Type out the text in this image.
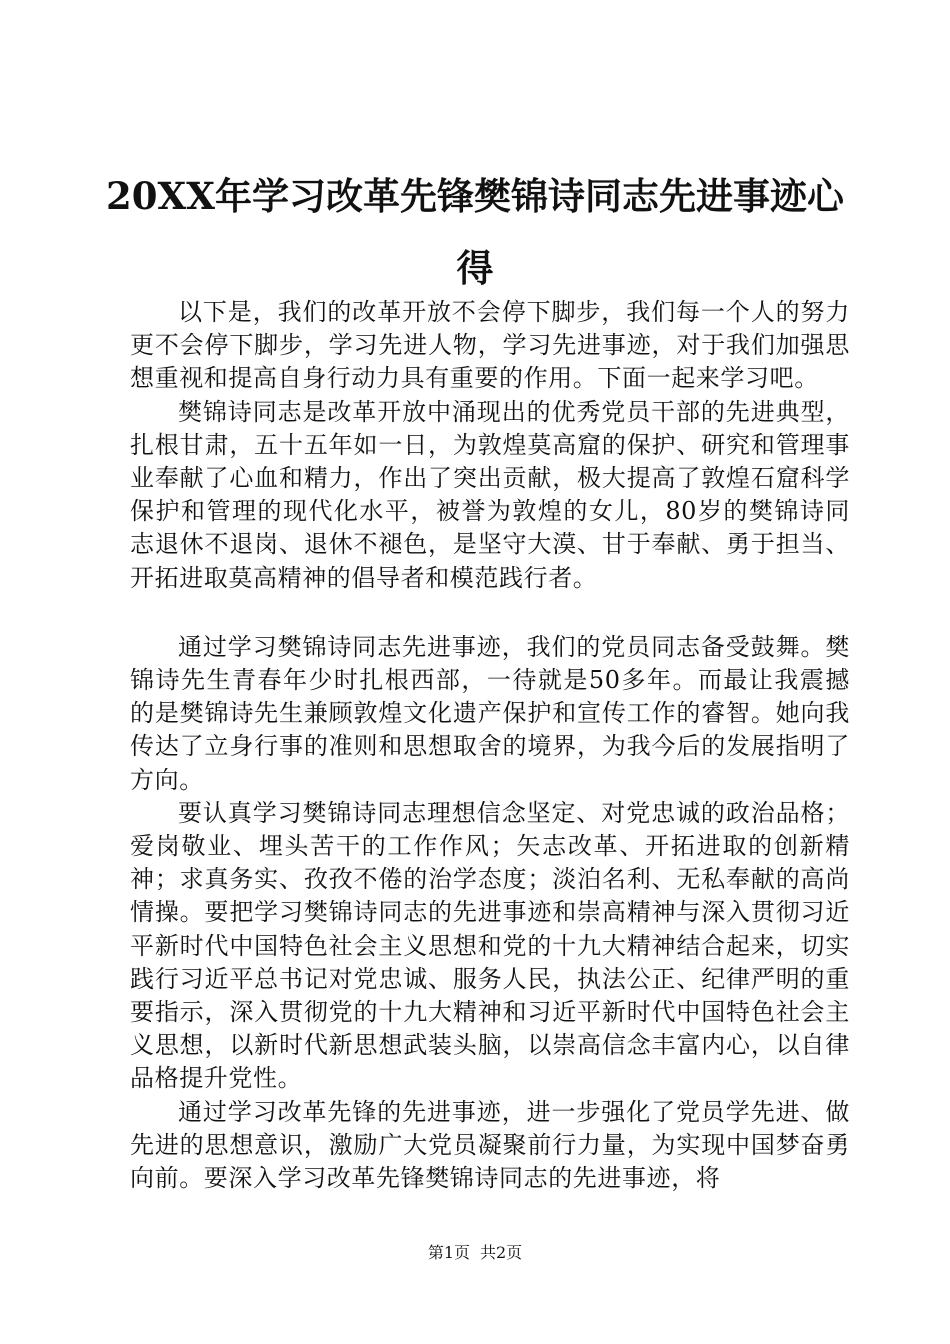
20XX年学习改革先锋樊锦诗同志先进事迹心
得

以下是，我们的改革开放不会停下脚步，我们每一个人的努力更不会停下脚步，学习先进人物，学习先进事迹，对于我们加强思想重视和提高自身行动力具有重要的作用。下面一起来学习吧。

樊锦诗同志是改革开放中涌现出的优秀党员干部的先进典型，扎根甘肃，五十五年如一日，为敦煌莫高窟的保护、研究和管理事业奉献了心血和精力，作出了突出贡献，极大提高了敦煌石窟科学保护和管理的现代化水平，被誉为敦煌的女儿，80岁的樊锦诗同志退休不退岗、退休不褪色，是坚守大漠、甘于奉献、勇于担当、开拓进取莫高精神的倡导者和模范践行者。

通过学习樊锦诗同志先进事迹，我们的党员同志备受鼓舞。樊锦诗先生青春年少时扎根西部，一待就是50多年。而最让我震撼的是樊锦诗先生兼顾敦煌文化遗产保护和宣传工作的睿智。她向我传达了立身行事的准则和思想取舍的境界，为我今后的发展指明了方向。

要认真学习樊锦诗同志理想信念坚定、对党忠诚的政治品格；爱岗敬业、埋头苦干的工作作风；矢志改革、开拓进取的创新精神；求真务实、孜孜不倦的治学态度；淡泊名利、无私奉献的高尚情操。要把学习樊锦诗同志的先进事迹和崇高精神与深入贯彻习近平新时代中国特色社会主义思想和党的十九大精神结合起来，切实践行习近平总书记对党忠诚、服务人民，执法公正、纪律严明的重要指示，深入贯彻党的十九大精神和习近平新时代中国特色社会主义思想，以新时代新思想武装头脑，以崇高信念丰富内心，以自律品格提升党性。

通过学习改革先锋的先进事迹，进一步强化了党员学先进、做先进的思想意识，激励广大党员凝聚前行力量，为实现中国梦奋勇向前。要深入学习改革先锋樊锦诗同志的先进事迹，将

第1页 共2页
